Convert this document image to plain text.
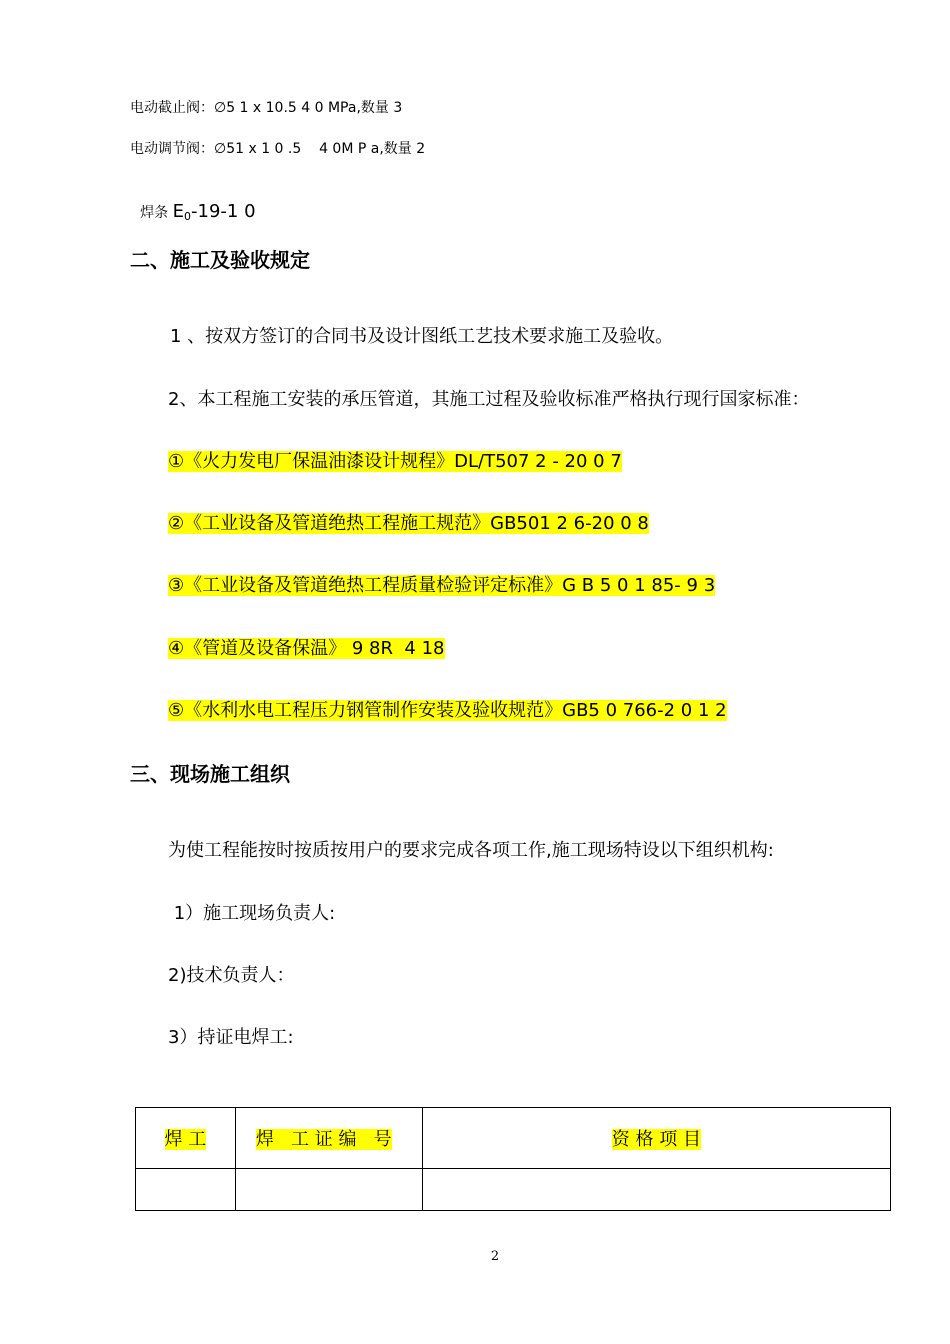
电动截止阀：∅5 1 x 10.5 4 0 MPa,数量 3
电动调节阀：∅51 x 1 0 .5    4 0M P a,数量 2

焊条 $E_0-19-1$ 0

二、施工及验收规定
1 、按双方签订的合同书及设计图纸工艺技术要求施工及验收。
2、本工程施工安装的承压管道，其施工过程及验收标准严格执行现行国家标准：
①《火力发电厂保温油漆设计规程》DL/T507 2 - 20 0 7
②《工业设备及管道绝热工程施工规范》GB501 2 6-20 0 8
③《工业设备及管道绝热工程质量检验评定标准》G B 5 0 1 85- 9 3
④《管道及设备保温》 9 8R  4 18
⑤《水利水电工程压力钢管制作安装及验收规范》GB5 0 766-2 0 1 2
三、现场施工组织
为使工程能按时按质按用户的要求完成各项工作,施工现场特设以下组织机构:
1）施工现场负责人:
2)技术负责人：
3）持证电焊工:
焊 工	焊   工 证 编   号	资 格 项 目

2
